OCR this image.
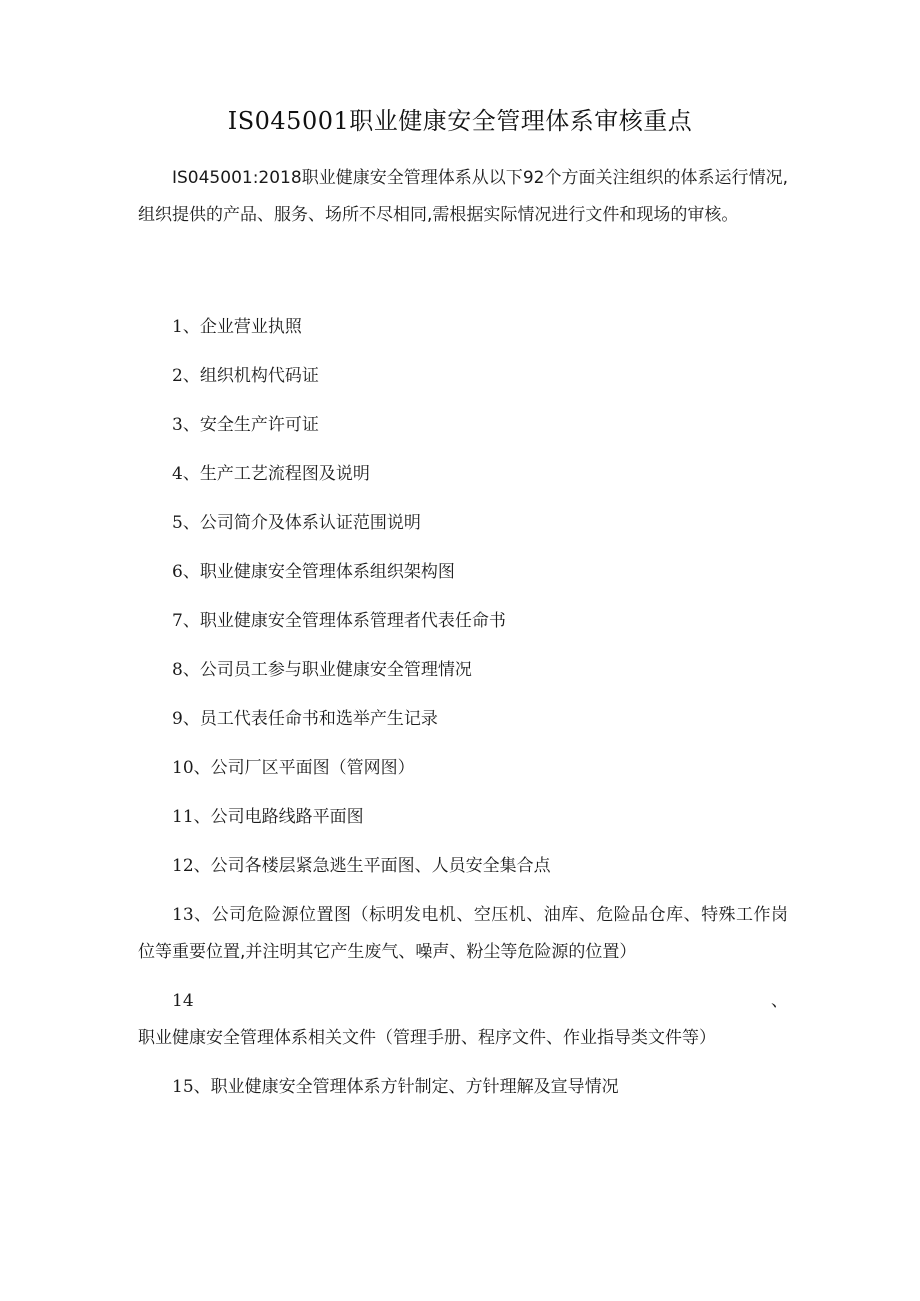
IS045001职业健康安全管理体系审核重点

IS045001:2018职业健康安全管理体系从以下92个方面关注组织的体系运行情况,组织提供的产品、服务、场所不尽相同,需根据实际情况进行文件和现场的审核。

1、企业营业执照
2、组织机构代码证
3、安全生产许可证
4、生产工艺流程图及说明
5、公司简介及体系认证范围说明
6、职业健康安全管理体系组织架构图
7、职业健康安全管理体系管理者代表任命书
8、公司员工参与职业健康安全管理情况
9、员工代表任命书和选举产生记录
10、公司厂区平面图（管网图）
11、公司电路线路平面图
12、公司各楼层紧急逃生平面图、人员安全集合点
13、公司危险源位置图（标明发电机、空压机、油库、危险品仓库、特殊工作岗位等重要位置,并注明其它产生废气、噪声、粉尘等危险源的位置）
14、职业健康安全管理体系相关文件（管理手册、程序文件、作业指导类文件等）
15、职业健康安全管理体系方针制定、方针理解及宣导情况
